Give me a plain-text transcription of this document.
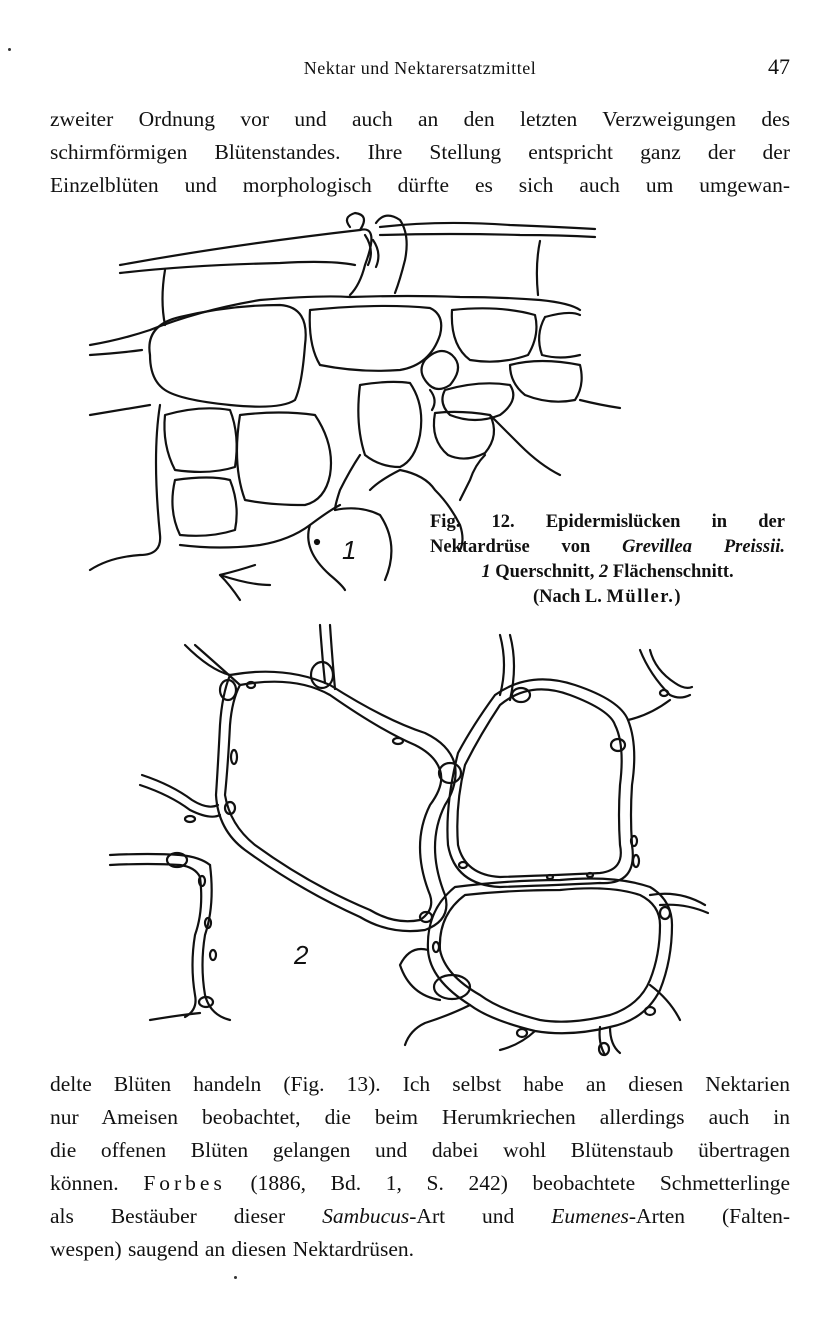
Nektar und Nektarersatzmittel	47
zweiter Ordnung vor und auch an den letzten Verzweigungen des
schirmförmigen Blütenstandes. Ihre Stellung entspricht ganz der der
Einzelblüten und morphologisch dürfte es sich auch um umgewan-
1
2
Fig. 12. Epidermislücken in der
Nektardrüse von Grevillea Preissii.
1 Querschnitt, 2 Flächenschnitt.
(Nach L. Müller.)
delte Blüten handeln (Fig. 13). Ich selbst habe an diesen Nektarien
nur Ameisen beobachtet, die beim Herumkriechen allerdings auch in
die offenen Blüten gelangen und dabei wohl Blütenstaub übertragen
können. Forbes (1886, Bd. 1, S. 242) beobachtete Schmetterlinge
als Bestäuber dieser Sambucus-Art und Eumenes-Arten (Falten-
wespen) saugend an diesen Nektardrüsen.
